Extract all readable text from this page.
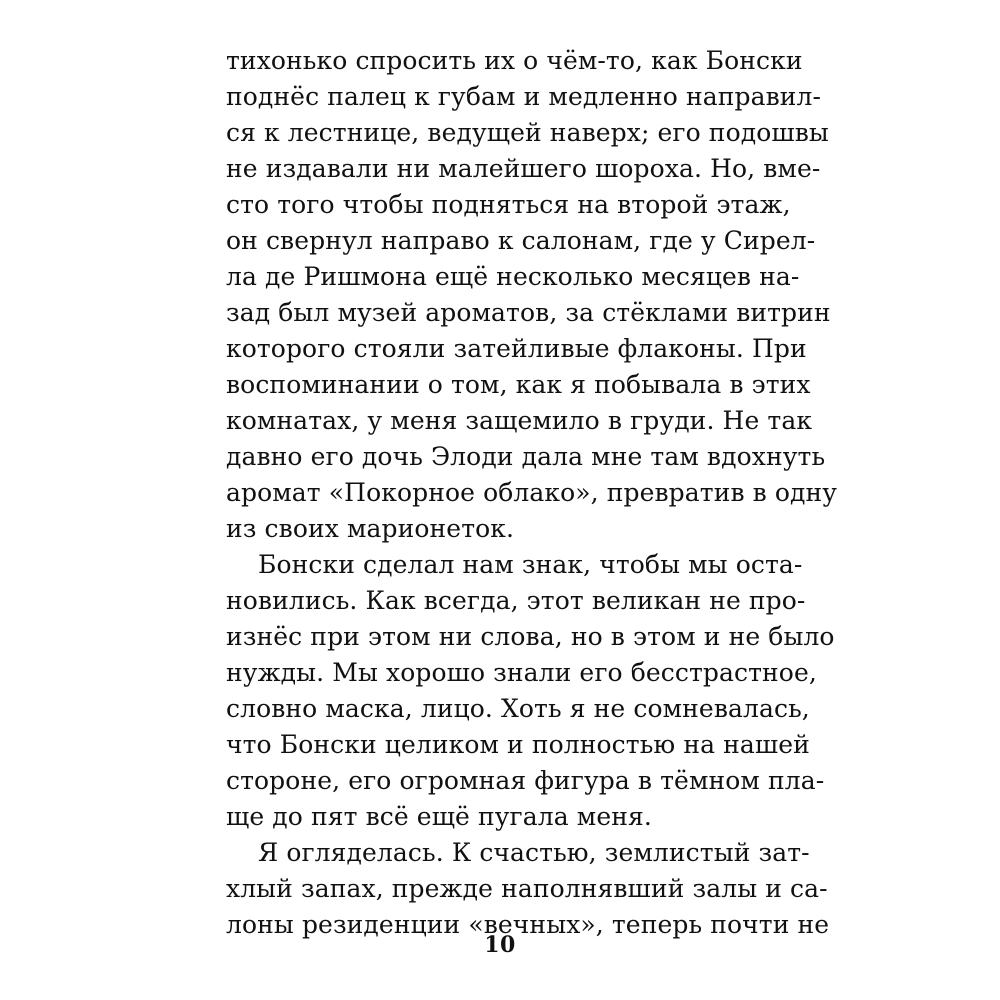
тихонько спросить их о чём-то, как Бонски
поднёс палец к губам и медленно направил-
ся к лестнице, ведущей наверх; его подошвы
не издавали ни малейшего шороха. Но, вме-
сто того чтобы подняться на второй этаж,
он свернул направо к салонам, где у Сирел-
ла де Ришмона ещё несколько месяцев на-
зад был музей ароматов, за стёклами витрин
которого стояли затейливые флаконы. При
воспоминании о том, как я побывала в этих
комнатах, у меня защемило в груди. Не так
давно его дочь Элоди дала мне там вдохнуть
аромат «Покорное облако», превратив в одну
из своих марионеток.
Бонски сделал нам знак, чтобы мы оста-
новились. Как всегда, этот великан не про-
изнёс при этом ни слова, но в этом и не было
нужды. Мы хорошо знали его бесстрастное,
словно маска, лицо. Хоть я не сомневалась,
что Бонски целиком и полностью на нашей
стороне, его огромная фигура в тёмном пла-
ще до пят всё ещё пугала меня.
Я огляделась. К счастью, землистый зат-
хлый запах, прежде наполнявший залы и са-
лоны резиденции «вечных», теперь почти не
10
